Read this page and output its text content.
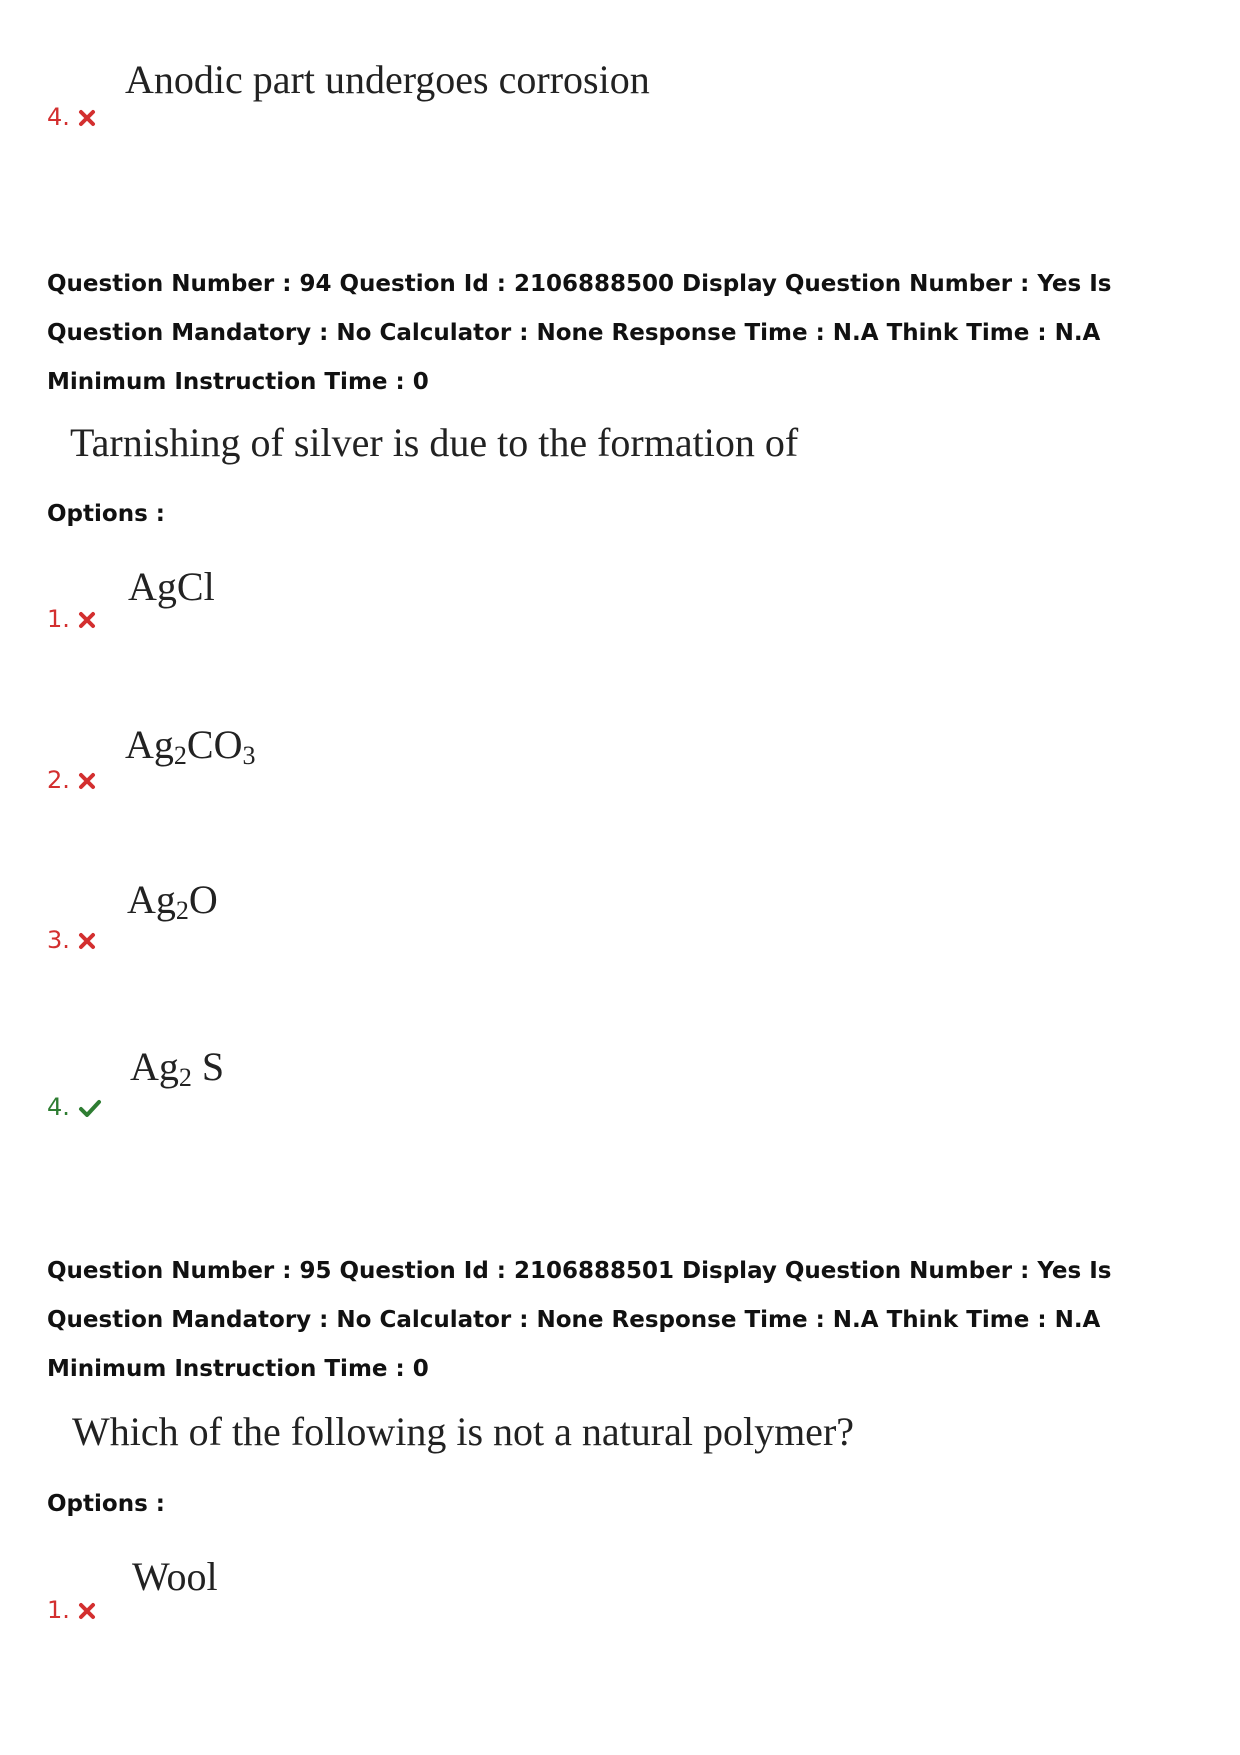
4.
Anodic part undergoes corrosion
Question Number : 94 Question Id : 2106888500 Display Question Number : Yes Is Question Mandatory : No Calculator : None Response Time : N.A Think Time : N.A Minimum Instruction Time : 0
Tarnishing of silver is due to the formation of
Options :
1.
AgCl
2.
$Ag_2CO_3$
3.
$Ag_2O$
4.
$Ag_2$ S
Question Number : 95 Question Id : 2106888501 Display Question Number : Yes Is Question Mandatory : No Calculator : None Response Time : N.A Think Time : N.A Minimum Instruction Time : 0
Which of the following is not a natural polymer?
Options :
1.
Wool
